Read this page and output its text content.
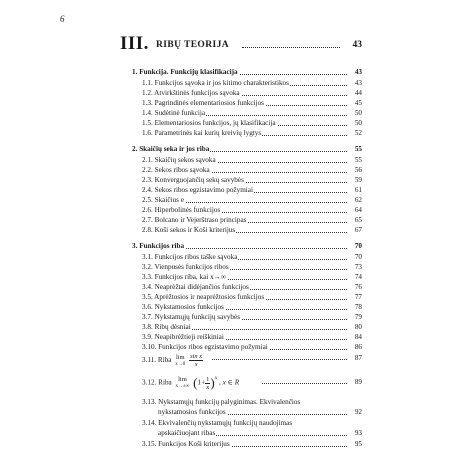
6
III. RIBŲ TEORIJA	43
1. Funkcija. Funkcijų klasifikacija	43
1.1. Funkcijos sąvoka ir jos kitimo charakteristikos	43
1.2. Atvirkštinės funkcijos sąvoka	44
1.3. Pagrindinės elementariosios funkcijos	45
1.4. Sudėtinė funkcija	50
1.5. Elementariosios funkcijos, jų klasifikacija	50
1.6. Parametrinės kai kurių kreivių lygtys	52
2. Skaičių seka ir jos riba	55
2.1. Skaičių sekos sąvoka	55
2.2. Sekos ribos sąvoka	56
2.3. Konverguojančių sekų savybės	59
2.4. Sekos ribos egzistavimo požymiai	61
2.5. Skaičius e	62
2.6. Hiperbolinės funkcijos	64
2.7. Bolcano ir Vejerštraso principas	65
2.8. Koši sekos ir Koši kriterijus	67
3. Funkcijos riba	70
3.1. Funkcijos ribos taške sąvoka	70
3.2. Vienpusės funkcijos ribos	73
3.3. Funkcijos riba, kai x→∞	74
3.4. Neaprėžtai didėjančios funkcijos	76
3.5. Aprėžtosios ir neaprėžtosios funkcijos	77
3.6. Nykstamosios funkcijos	78
3.7. Nykstamųjų funkcijų savybės	79
3.8. Ribų dėsniai	80
3.9. Neapibrėžtieji reiškiniai	84
3.10. Funkcijos ribos egzistavimo požymiai	86
3.11. Riba lim
x→0
$\frac{\text{sin x}}{x}$	87
3.12. Riba lim
x→±∞ $(1+ \frac{1}{x} )^x$ , x ∈ R	89
3.13. Nykstamųjų funkcijų palyginimas. Ekvivalenčios
nykstamosios funkcijos	92
3.14. Ekvivalenčių nykstamųjų funkcijų naudojimas
apskaičiuojant ribas	93
3.15. Funkcijos Koši kriterijus	95
